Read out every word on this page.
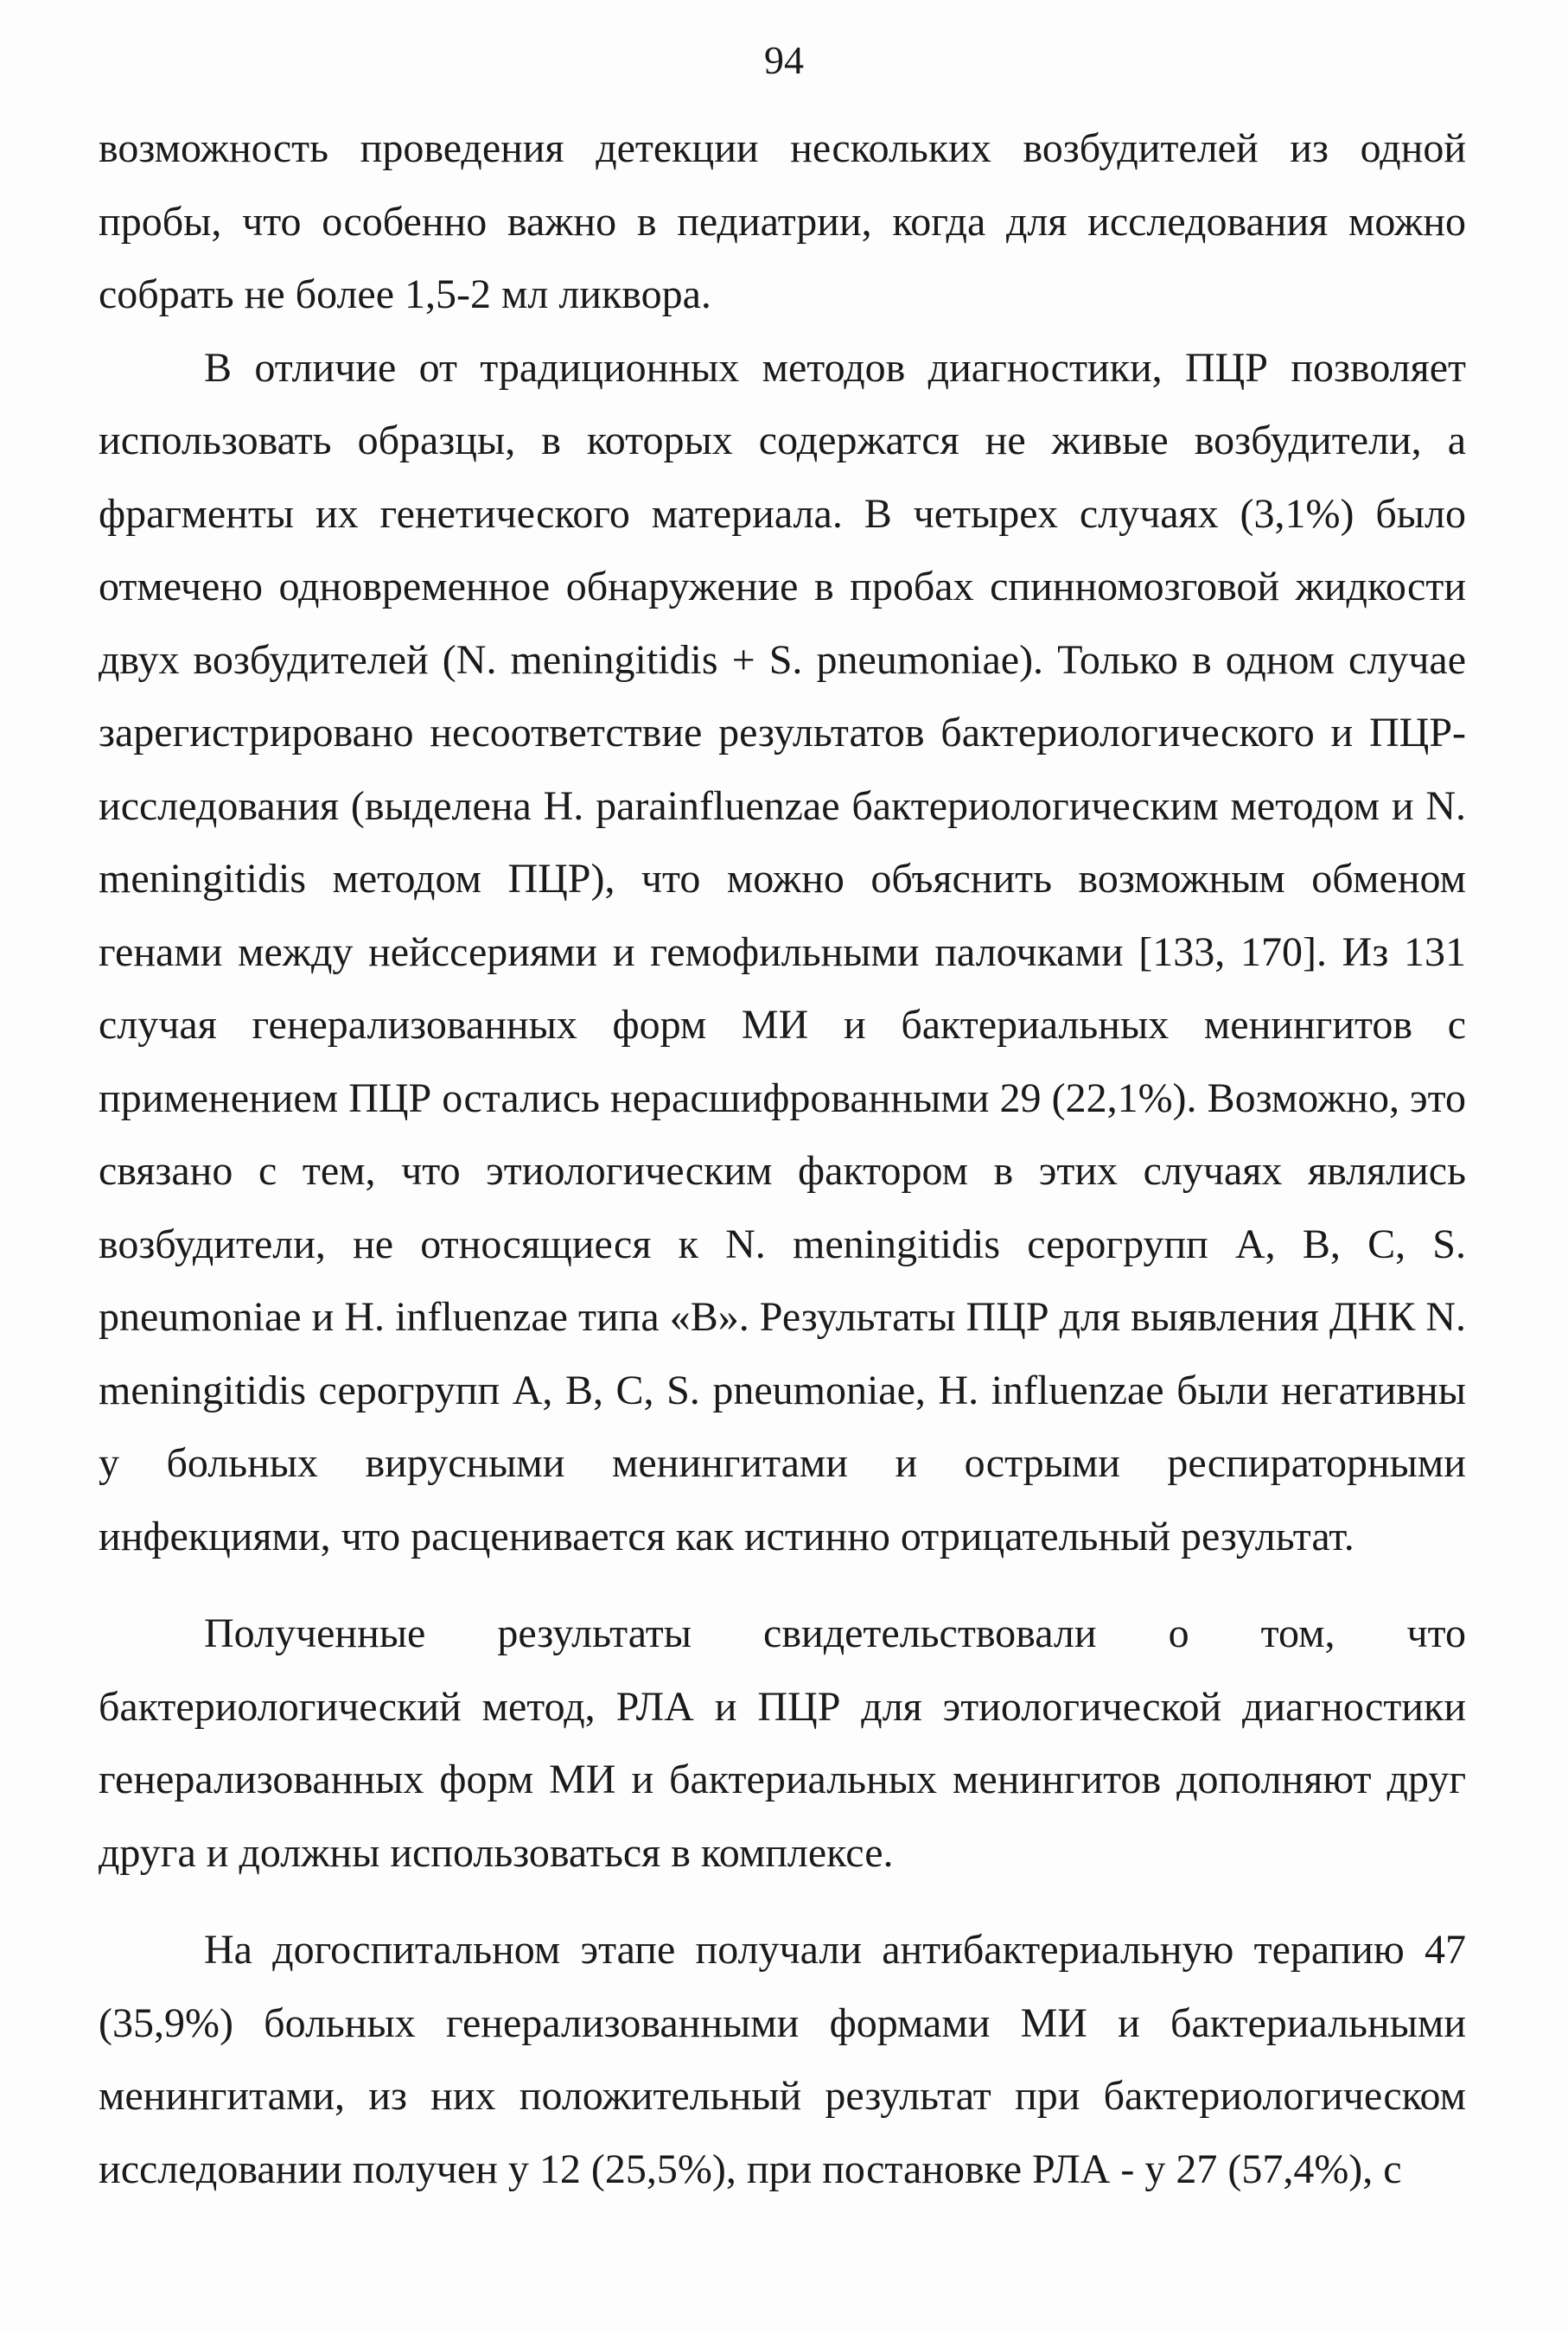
94

возможность проведения детекции нескольких возбудителей из одной пробы, что особенно важно в педиатрии, когда для исследования можно собрать не более 1,5-2 мл ликвора.

В отличие от традиционных методов диагностики, ПЦР позволяет использовать образцы, в которых содержатся не живые возбудители, а фрагменты их генетического материала. В четырех случаях (3,1%) было отмечено одновременное обнаружение в пробах спинномозговой жидкости двух возбудителей (N. meningitidis + S. pneumoniae). Только в одном случае зарегистрировано несоответствие результатов бактериологического и ПЦР-исследования (выделена H. parainfluenzae бактериологическим методом и N. meningitidis методом ПЦР), что можно объяснить возможным обменом генами между нейссериями и гемофильными палочками [133, 170]. Из 131 случая генерализованных форм МИ и бактериальных менингитов с применением ПЦР остались нерасшифрованными 29 (22,1%). Возможно, это связано с тем, что этиологическим фактором в этих случаях являлись возбудители, не относящиеся к N. meningitidis серогрупп А, В, С, S. pneumoniae и H. influenzae типа «В». Результаты ПЦР для выявления ДНК N. meningitidis серогрупп А, В, С, S. pneumoniae, H. influenzae были негативны у больных вирусными менингитами и острыми респираторными инфекциями, что расценивается как истинно отрицательный результат.

Полученные результаты свидетельствовали о том, что бактериологический метод, РЛА и ПЦР для этиологической диагностики генерализованных форм МИ и бактериальных менингитов дополняют друг друга и должны использоваться в комплексе.

На догоспитальном этапе получали антибактериальную терапию 47 (35,9%) больных генерализованными формами МИ и бактериальными менингитами, из них положительный результат при бактериологическом исследовании получен у 12 (25,5%), при постановке РЛА - у 27 (57,4%), с
